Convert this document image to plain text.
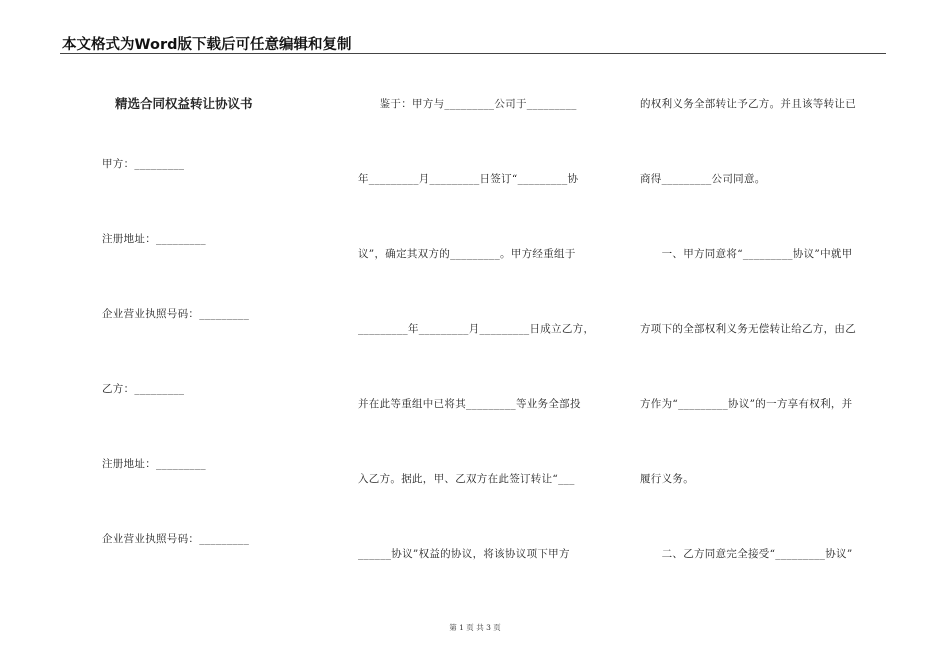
本文格式为Word版下载后可任意编辑和复制
精选合同权益转让协议书
甲方：_________
注册地址：_________
企业营业执照号码：_________
乙方：_________
注册地址：_________
企业营业执照号码：_________
　　鉴于：甲方与_________公司于_________
年_________月_________日签订“_________协
议”，确定其双方的_________。甲方经重组于
_________年_________月_________日成立乙方，
并在此等重组中已将其_________等业务全部投
入乙方。据此，甲、乙双方在此签订转让“___
______协议”权益的协议，将该协议项下甲方
的权利义务全部转让予乙方。并且该等转让已
商得_________公司同意。
　　一、甲方同意将“_________协议”中就甲
方项下的全部权利义务无偿转让给乙方，由乙
方作为“_________协议”的一方享有权利，并
履行义务。
　　二、乙方同意完全接受“_________协议”
第 1 页 共 3 页
